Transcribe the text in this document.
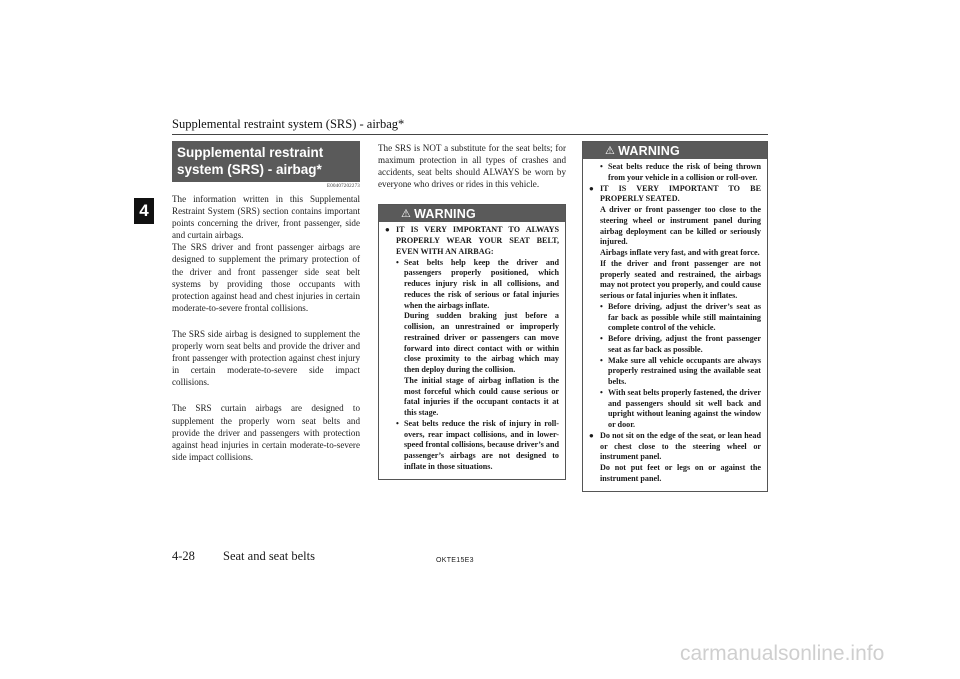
Supplemental restraint system (SRS) - airbag*
4
Supplemental restraint
system (SRS) - airbag*
E00407202273

The information written in this Supplemental Restraint System (SRS) section contains important points concerning the driver, front passenger, side and curtain airbags.

The SRS driver and front passenger airbags are designed to supplement the primary protection of the driver and front passenger side seat belt systems by providing those occupants with protection against head and chest injuries in certain moderate-to-severe frontal collisions.

The SRS side airbag is designed to supplement the properly worn seat belts and provide the driver and front passenger with protection against chest injury in certain moderate-to-severe side impact collisions.

The SRS curtain airbags are designed to supplement the properly worn seat belts and provide the driver and passengers with protection against head injuries in certain moderate-to-severe side impact collisions.

The SRS is NOT a substitute for the seat belts; for maximum protection in all types of crashes and accidents, seat belts should ALWAYS be worn by everyone who drives or rides in this vehicle.

⚠ WARNING
● IT IS VERY IMPORTANT TO ALWAYS PROPERLY WEAR YOUR SEAT BELT, EVEN WITH AN AIRBAG:
• Seat belts help keep the driver and passengers properly positioned, which reduces injury risk in all collisions, and reduces the risk of serious or fatal injuries when the airbags inflate.
During sudden braking just before a collision, an unrestrained or improperly restrained driver or passengers can move forward into direct contact with or within close proximity to the airbag which may then deploy during the collision.
The initial stage of airbag inflation is the most forceful which could cause serious or fatal injuries if the occupant contacts it at this stage.
• Seat belts reduce the risk of injury in roll-overs, rear impact collisions, and in lower-speed frontal collisions, because driver’s and passenger’s airbags are not designed to inflate in those situations.
⚠ WARNING
• Seat belts reduce the risk of being thrown from your vehicle in a collision or roll-over.
● IT IS VERY IMPORTANT TO BE PROPERLY SEATED.
A driver or front passenger too close to the steering wheel or instrument panel during airbag deployment can be killed or seriously injured.
Airbags inflate very fast, and with great force.
If the driver and front passenger are not properly seated and restrained, the airbags may not protect you properly, and could cause serious or fatal injuries when it inflates.
• Before driving, adjust the driver’s seat as far back as possible while still maintaining complete control of the vehicle.
• Before driving, adjust the front passenger seat as far back as possible.
• Make sure all vehicle occupants are always properly restrained using the available seat belts.
• With seat belts properly fastened, the driver and passengers should sit well back and upright without leaning against the window or door.
● Do not sit on the edge of the seat, or lean head or chest close to the steering wheel or instrument panel.
Do not put feet or legs on or against the instrument panel.
4-28 Seat and seat belts	OKTE15E3
carmanualsonline.info
